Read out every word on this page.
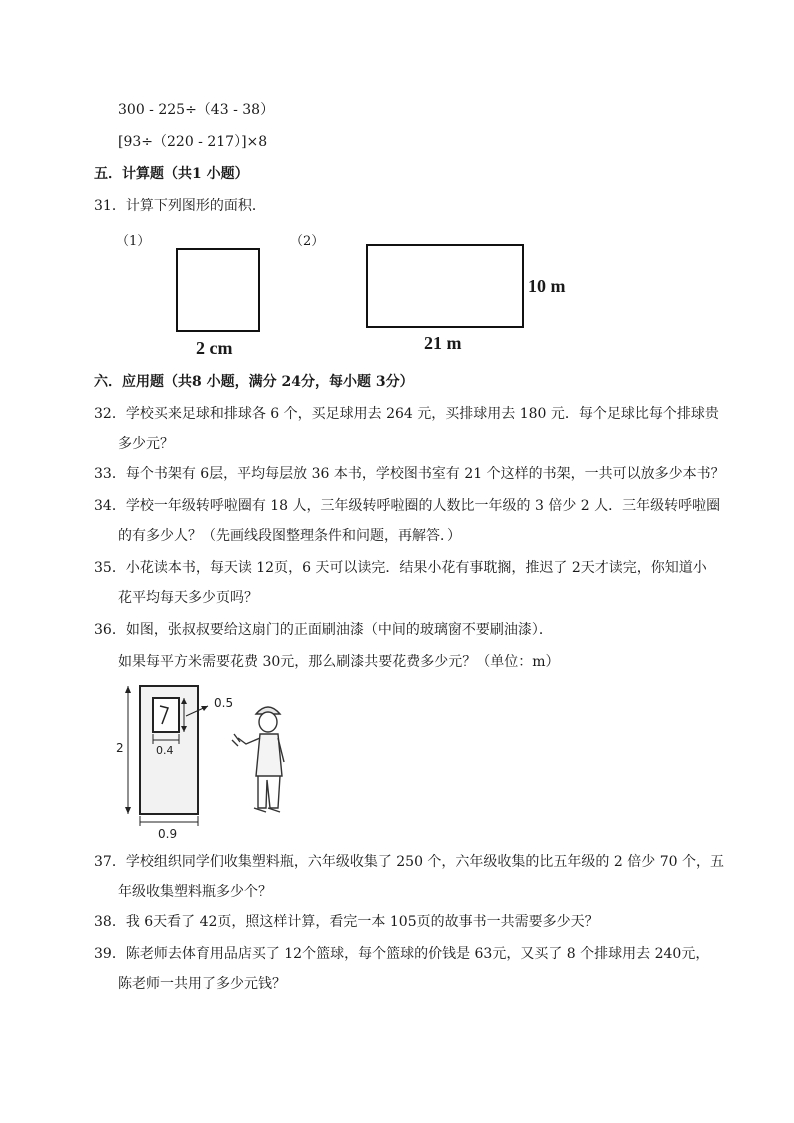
300 - 225÷（43 - 38）
[93÷（220 - 217）]×8
五．计算题（共1 小题）
31．计算下列图形的面积．
（1）
2 cm
（2）
10 m
21 m
六．应用题（共8 小题，满分 24分，每小题 3分）
32．学校买来足球和排球各 6 个，买足球用去 264 元，买排球用去 180 元．每个足球比每个排球贵
多少元？
33．每个书架有 6层，平均每层放 36 本书，学校图书室有 21 个这样的书架，一共可以放多少本书？
34．学校一年级转呼啦圈有 18 人，三年级转呼啦圈的人数比一年级的 3 倍少 2 人．三年级转呼啦圈
的有多少人？（先画线段图整理条件和问题，再解答．）
35．小花读本书，每天读 12页，6 天可以读完．结果小花有事耽搁，推迟了 2天才读完，你知道小
花平均每天多少页吗？
36．如图，张叔叔要给这扇门的正面刷油漆（中间的玻璃窗不要刷油漆）．
如果每平方米需要花费 30元，那么刷漆共要花费多少元？（单位：m）
2
0.9
0.4
0.5
37．学校组织同学们收集塑料瓶，六年级收集了 250 个，六年级收集的比五年级的 2 倍少 70 个，五
年级收集塑料瓶多少个？
38．我 6天看了 42页，照这样计算，看完一本 105页的故事书一共需要多少天？
39．陈老师去体育用品店买了 12个篮球，每个篮球的价钱是 63元，又买了 8 个排球用去 240元，
陈老师一共用了多少元钱？
